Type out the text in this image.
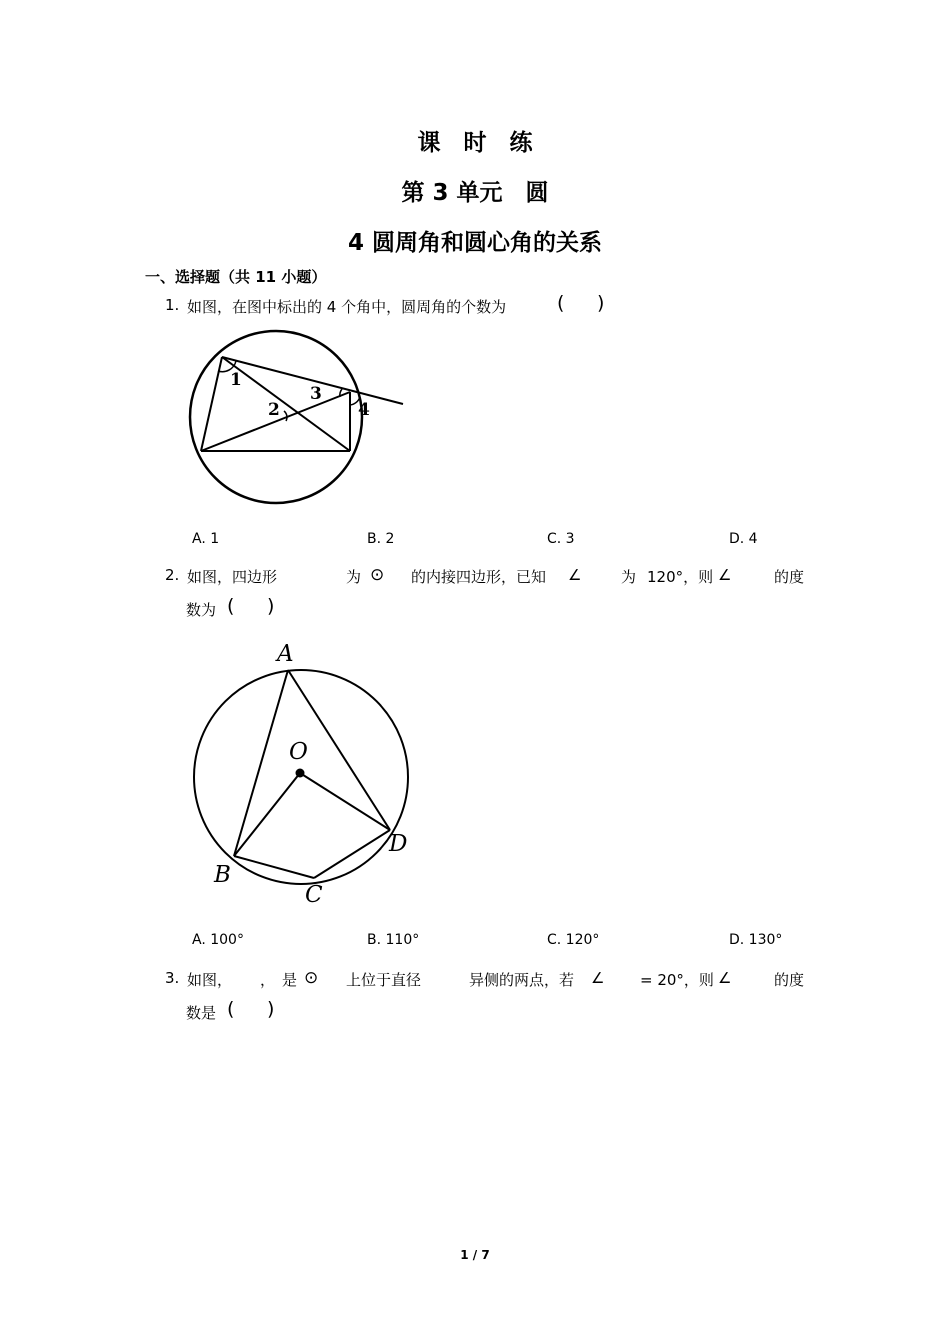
课　时　练
第 3 单元　圆
4 圆周角和圆心角的关系
一、选择题（共 11 小题）
1. 如图，在图中标出的 4 个角中，圆周角的个数为	( )
1
2
3
4
A. 1	B. 2	C. 3	D. 4
2. 如图，四边形	为 ⊙ 的内接四边形，已知 ∠	为 120°，则 ∠	的度
数为 ( )
A
O
B
C
D
A. 100°	B. 110°	C. 120°	D. 130°
3. 如图， ， 是 ⊙ 上位于直径	异侧的两点，若 ∠ = 20°，则 ∠	的度
数是 ( )
1 / 7
